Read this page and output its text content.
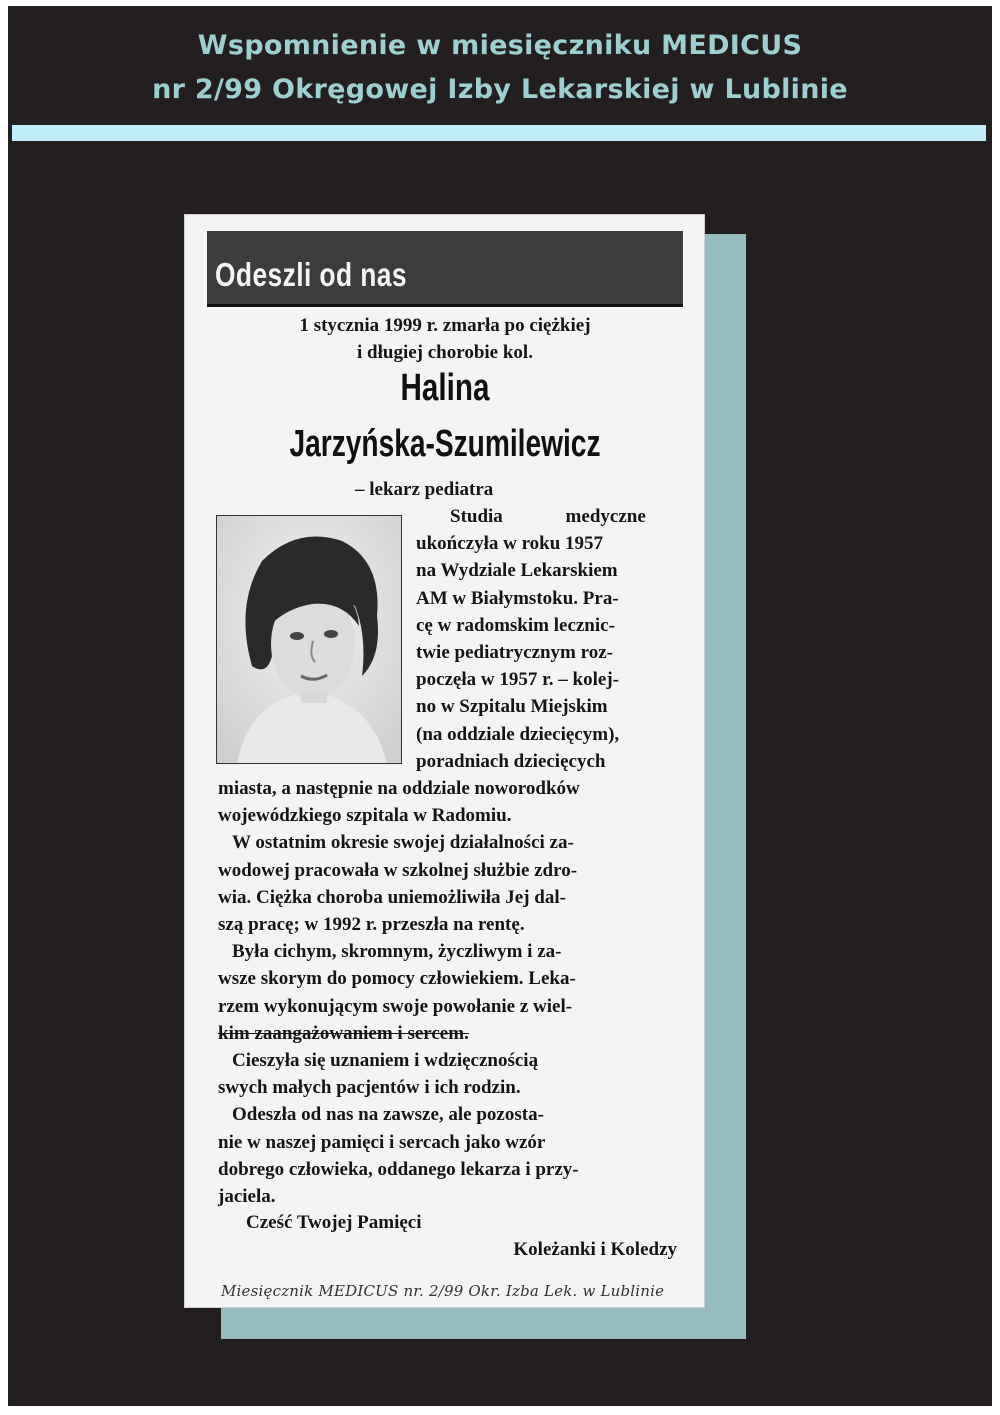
Wspomnienie w miesięczniku MEDICUS
nr 2/99 Okręgowej Izby Lekarskiej w Lublinie
Odeszli od nas
1 stycznia 1999 r. zmarła po ciężkiej
i długiej chorobie kol.
Halina
Jarzyńska-Szumilewicz
– lekarz pediatra
Studia medyczne
ukończyła w roku 1957
na Wydziale Lekarskiem
AM w Białymstoku. Pra-
cę w radomskim lecznic-
twie pediatrycznym roz-
poczęła w 1957 r. – kolej-
no w Szpitalu Miejskim
(na oddziale dziecięcym),
poradniach dziecięcych
miasta, a następnie na oddziale noworodków
wojewódzkiego szpitala w Radomiu.
W ostatnim okresie swojej działalności za-
wodowej pracowała w szkolnej służbie zdro-
wia. Ciężka choroba uniemożliwiła Jej dal-
szą pracę; w 1992 r. przeszła na rentę.
Była cichym, skromnym, życzliwym i za-
wsze skorym do pomocy człowiekiem. Leka-
rzem wykonującym swoje powołanie z wiel-
kim zaangażowaniem i sercem.
Cieszyła się uznaniem i wdzięcznością
swych małych pacjentów i ich rodzin.
Odeszła od nas na zawsze, ale pozosta-
nie w naszej pamięci i sercach jako wzór
dobrego człowieka, oddanego lekarza i przy-
jaciela.
Cześć Twojej Pamięci
Koleżanki i Koledzy
Miesięcznik MEDICUS nr. 2/99 Okr. Izba Lek. w Lublinie
